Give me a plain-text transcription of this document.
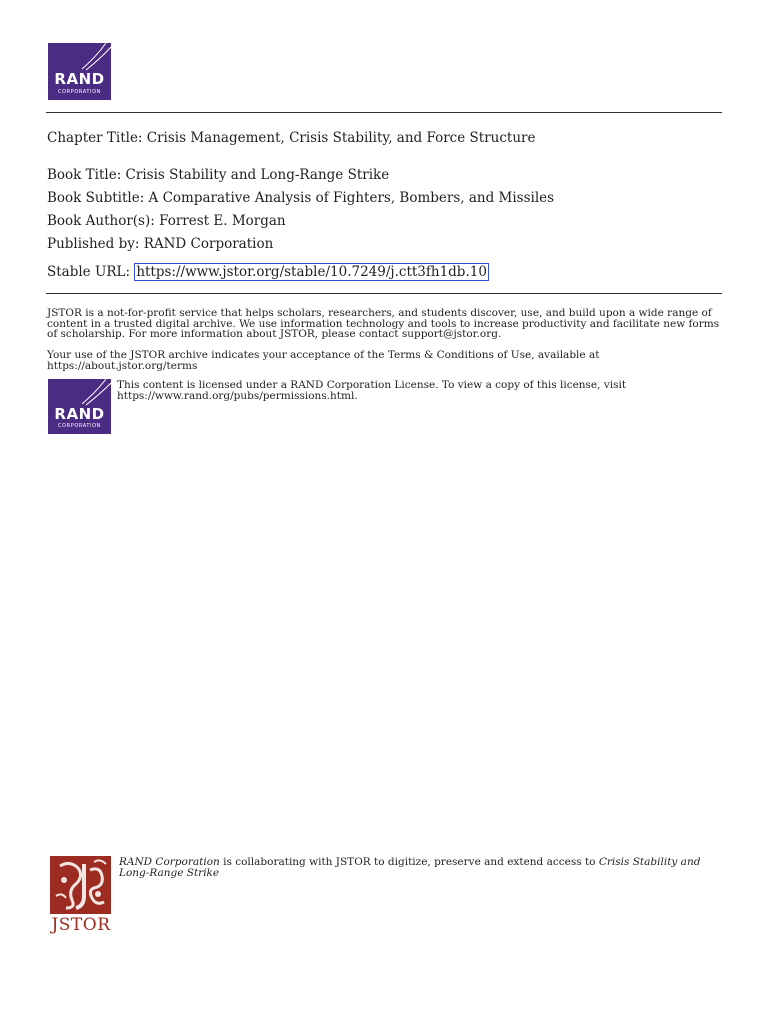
RAND
CORPORATION
Chapter Title: Crisis Management, Crisis Stability, and Force Structure
Book Title: Crisis Stability and Long-Range Strike
Book Subtitle: A Comparative Analysis of Fighters, Bombers, and Missiles
Book Author(s): Forrest E. Morgan
Published by: RAND Corporation
Stable URL: https://www.jstor.org/stable/10.7249/j.ctt3fh1db.10
JSTOR is a not-for-profit service that helps scholars, researchers, and students discover, use, and build upon a wide range of content in a trusted digital archive. We use information technology and tools to increase productivity and facilitate new forms of scholarship. For more information about JSTOR, please contact support@jstor.org.
Your use of the JSTOR archive indicates your acceptance of the Terms & Conditions of Use, available at https://about.jstor.org/terms
RAND
CORPORATION
This content is licensed under a RAND Corporation License. To view a copy of this license, visit https://www.rand.org/pubs/permissions.html.
JSTOR
RAND Corporation is collaborating with JSTOR to digitize, preserve and extend access to Crisis Stability and Long-Range Strike
